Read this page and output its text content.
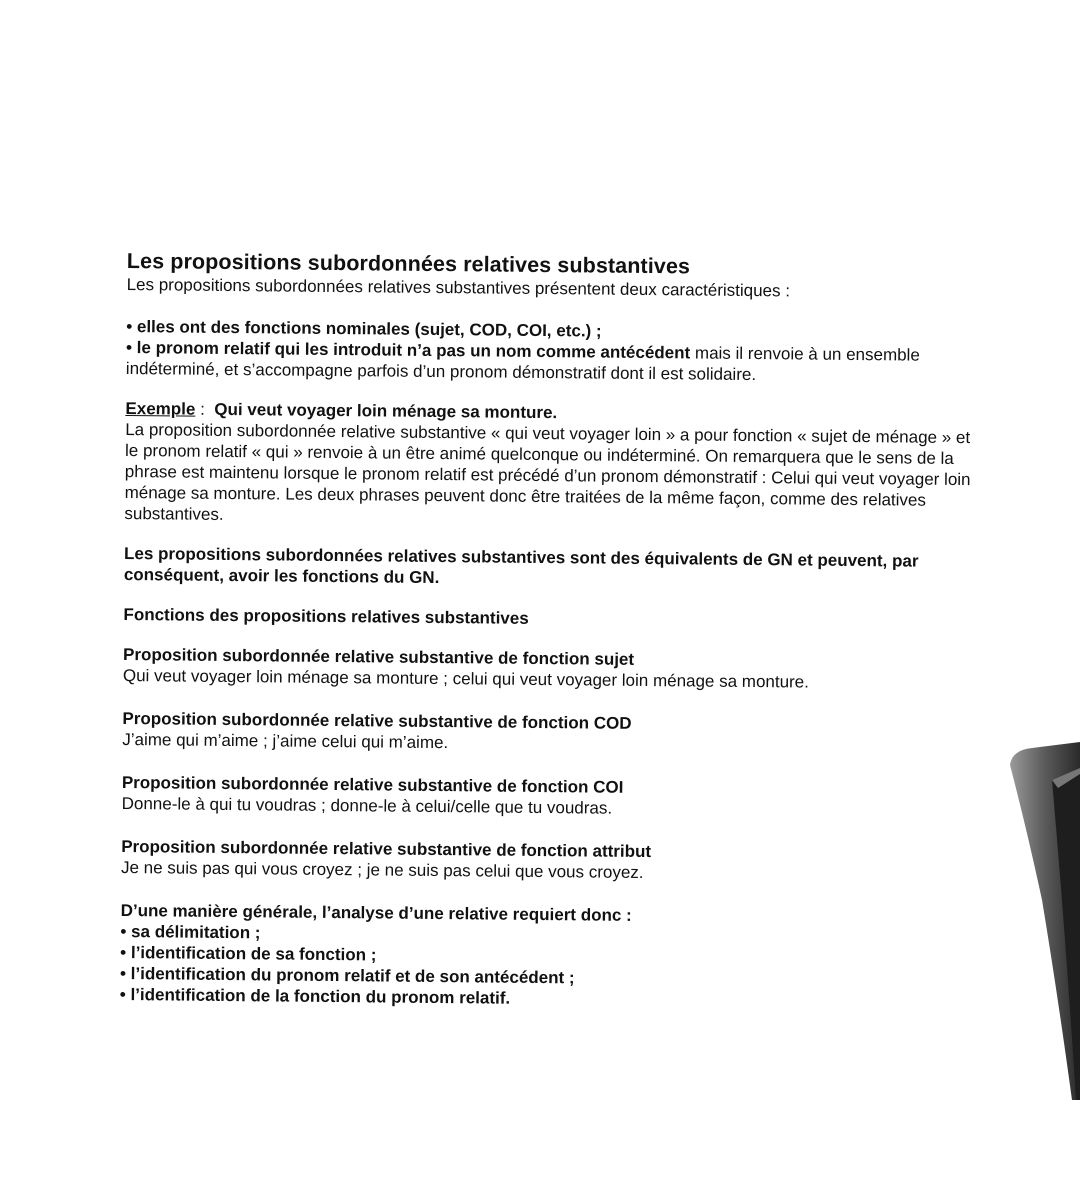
Les propositions subordonnées relatives substantives

Les propositions subordonnées relatives substantives présentent deux caractéristiques :

• elles ont des fonctions nominales (sujet, COD, COI, etc.) ;

• le pronom relatif qui les introduit n’a pas un nom comme antécédent mais il renvoie à un ensemble indéterminé, et s’accompagne parfois d’un pronom démonstratif dont il est solidaire.

Exemple :  Qui veut voyager loin ménage sa monture.

La proposition subordonnée relative substantive « qui veut voyager loin » a pour fonction « sujet de ménage » et le pronom relatif « qui » renvoie à un être animé quelconque ou indéterminé. On remarquera que le sens de la phrase est maintenu lorsque le pronom relatif est précédé d’un pronom démonstratif : Celui qui veut voyager loin ménage sa monture. Les deux phrases peuvent donc être traitées de la même façon, comme des relatives substantives.

Les propositions subordonnées relatives substantives sont des équivalents de GN et peuvent, par conséquent, avoir les fonctions du GN.

Fonctions des propositions relatives substantives

Proposition subordonnée relative substantive de fonction sujet

Qui veut voyager loin ménage sa monture ; celui qui veut voyager loin ménage sa monture.

Proposition subordonnée relative substantive de fonction COD

J’aime qui m’aime ; j’aime celui qui m’aime.

Proposition subordonnée relative substantive de fonction COI

Donne-le à qui tu voudras ; donne-le à celui/celle que tu voudras.

Proposition subordonnée relative substantive de fonction attribut

Je ne suis pas qui vous croyez ; je ne suis pas celui que vous croyez.

D’une manière générale, l’analyse d’une relative requiert donc :

• sa délimitation ;

• l’identification de sa fonction ;

• l’identification du pronom relatif et de son antécédent ;

• l’identification de la fonction du pronom relatif.
